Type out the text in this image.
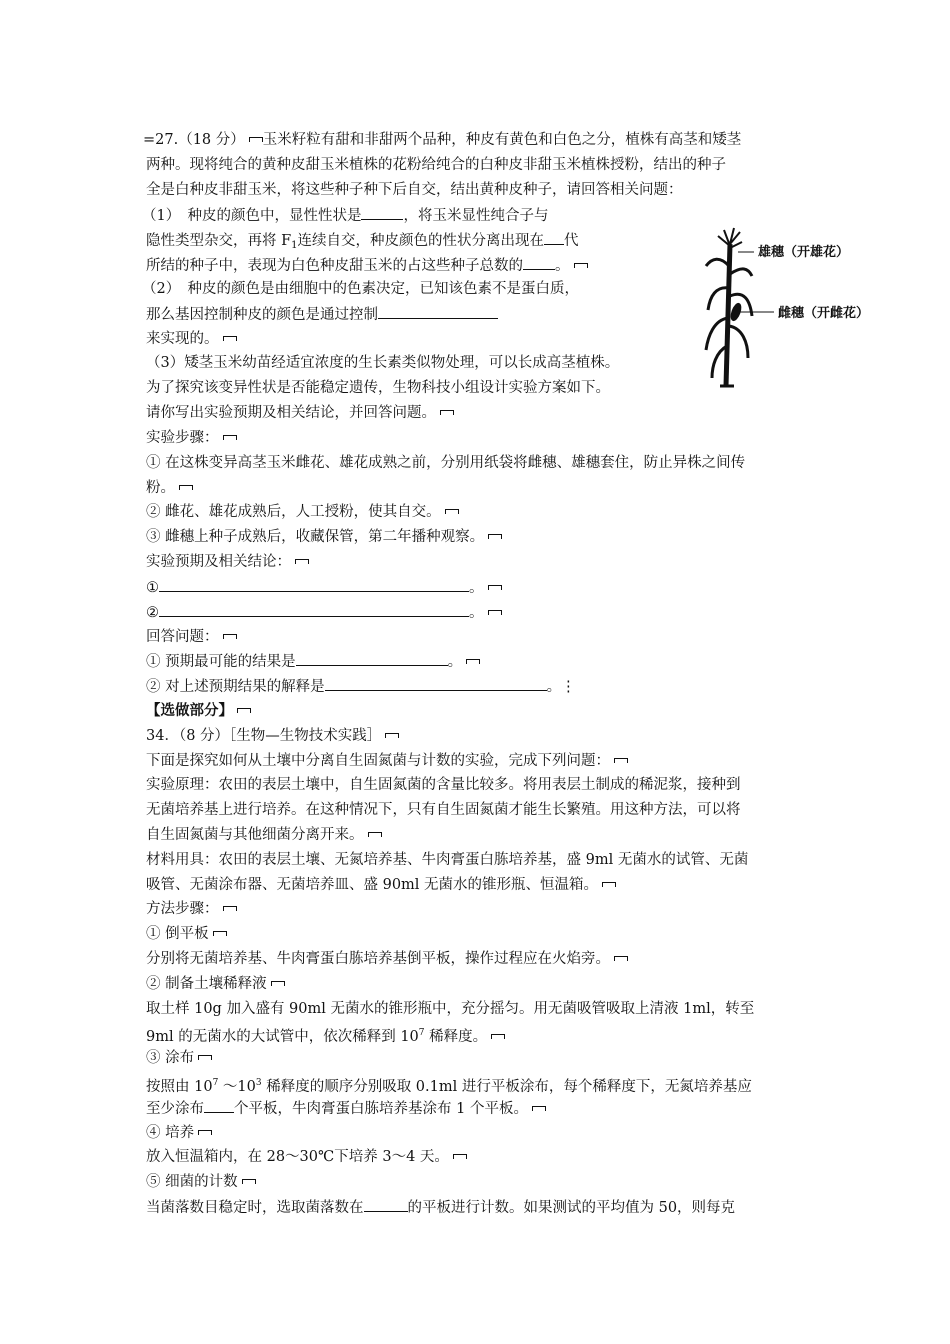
=27.（18 分） 玉米籽粒有甜和非甜两个品种，种皮有黄色和白色之分，植株有高茎和矮茎
两种。现将纯合的黄种皮甜玉米植株的花粉给纯合的白种皮非甜玉米植株授粉，结出的种子
全是白种皮非甜玉米，将这些种子种下后自交，结出黄种皮种子，请回答相关问题：
（1）　种皮的颜色中，显性性状是	，将玉米显性纯合子与
隐性类型杂交，再将 $F_1$连续自交，种皮颜色的性状分离出现在 代
所结的种子中，表现为白色种皮甜玉米的占这些种子总数的 。
（2）　种皮的颜色是由细胞中的色素决定，已知该色素不是蛋白质，
那么基因控制种皮的颜色是通过控制
来实现的。
（3）矮茎玉米幼苗经适宜浓度的生长素类似物处理，可以长成高茎植株。
为了探究该变异性状是否能稳定遗传，生物科技小组设计实验方案如下。
请你写出实验预期及相关结论，并回答问题。
实验步骤：
① 在这株变异高茎玉米雌花、雄花成熟之前，分别用纸袋将雌穗、雄穗套住，防止异株之间传
粉。
② 雌花、雄花成熟后，人工授粉，使其自交。
③ 雌穗上种子成熟后，收藏保管，第二年播种观察。
实验预期及相关结论：
①	。
②	。
回答问题：
① 预期最可能的结果是	。
② 对上述预期结果的解释是	。⋮
【选做部分】
34．（8 分）［生物—生物技术实践］
下面是探究如何从土壤中分离自生固氮菌与计数的实验，完成下列问题：
实验原理：农田的表层土壤中，自生固氮菌的含量比较多。将用表层土制成的稀泥浆，接种到
无菌培养基上进行培养。在这种情况下，只有自生固氮菌才能生长繁殖。用这种方法，可以将
自生固氮菌与其他细菌分离开来。
材料用具：农田的表层土壤、无氮培养基、牛肉膏蛋白胨培养基，盛 9ml 无菌水的试管、无菌
吸管、无菌涂布器、无菌培养皿、盛 90ml 无菌水的锥形瓶、恒温箱。
方法步骤：
① 倒平板
分别将无菌培养基、牛肉膏蛋白胨培养基倒平板，操作过程应在火焰旁。
② 制备土壤稀释液
取土样 10g 加入盛有 90ml 无菌水的锥形瓶中，充分摇匀。用无菌吸管吸取上清液 1ml，转至
9ml 的无菌水的大试管中，依次稀释到 $10^7$ 稀释度。
③ 涂布
按照由 $10^7$ $\sim 10^3$ 稀释度的顺序分别吸取 0.1ml 进行平板涂布，每个稀释度下，无氮培养基应
至少涂布 个平板，牛肉膏蛋白胨培养基涂布 1 个平板。
④ 培养
放入恒温箱内，在 28～30℃下培养 3～4 天。
⑤ 细菌的计数
当菌落数目稳定时，选取菌落数在	的平板进行计数。如果测试的平均值为 50，则每克
雄穗（开雄花）
雌穗（开雌花）
